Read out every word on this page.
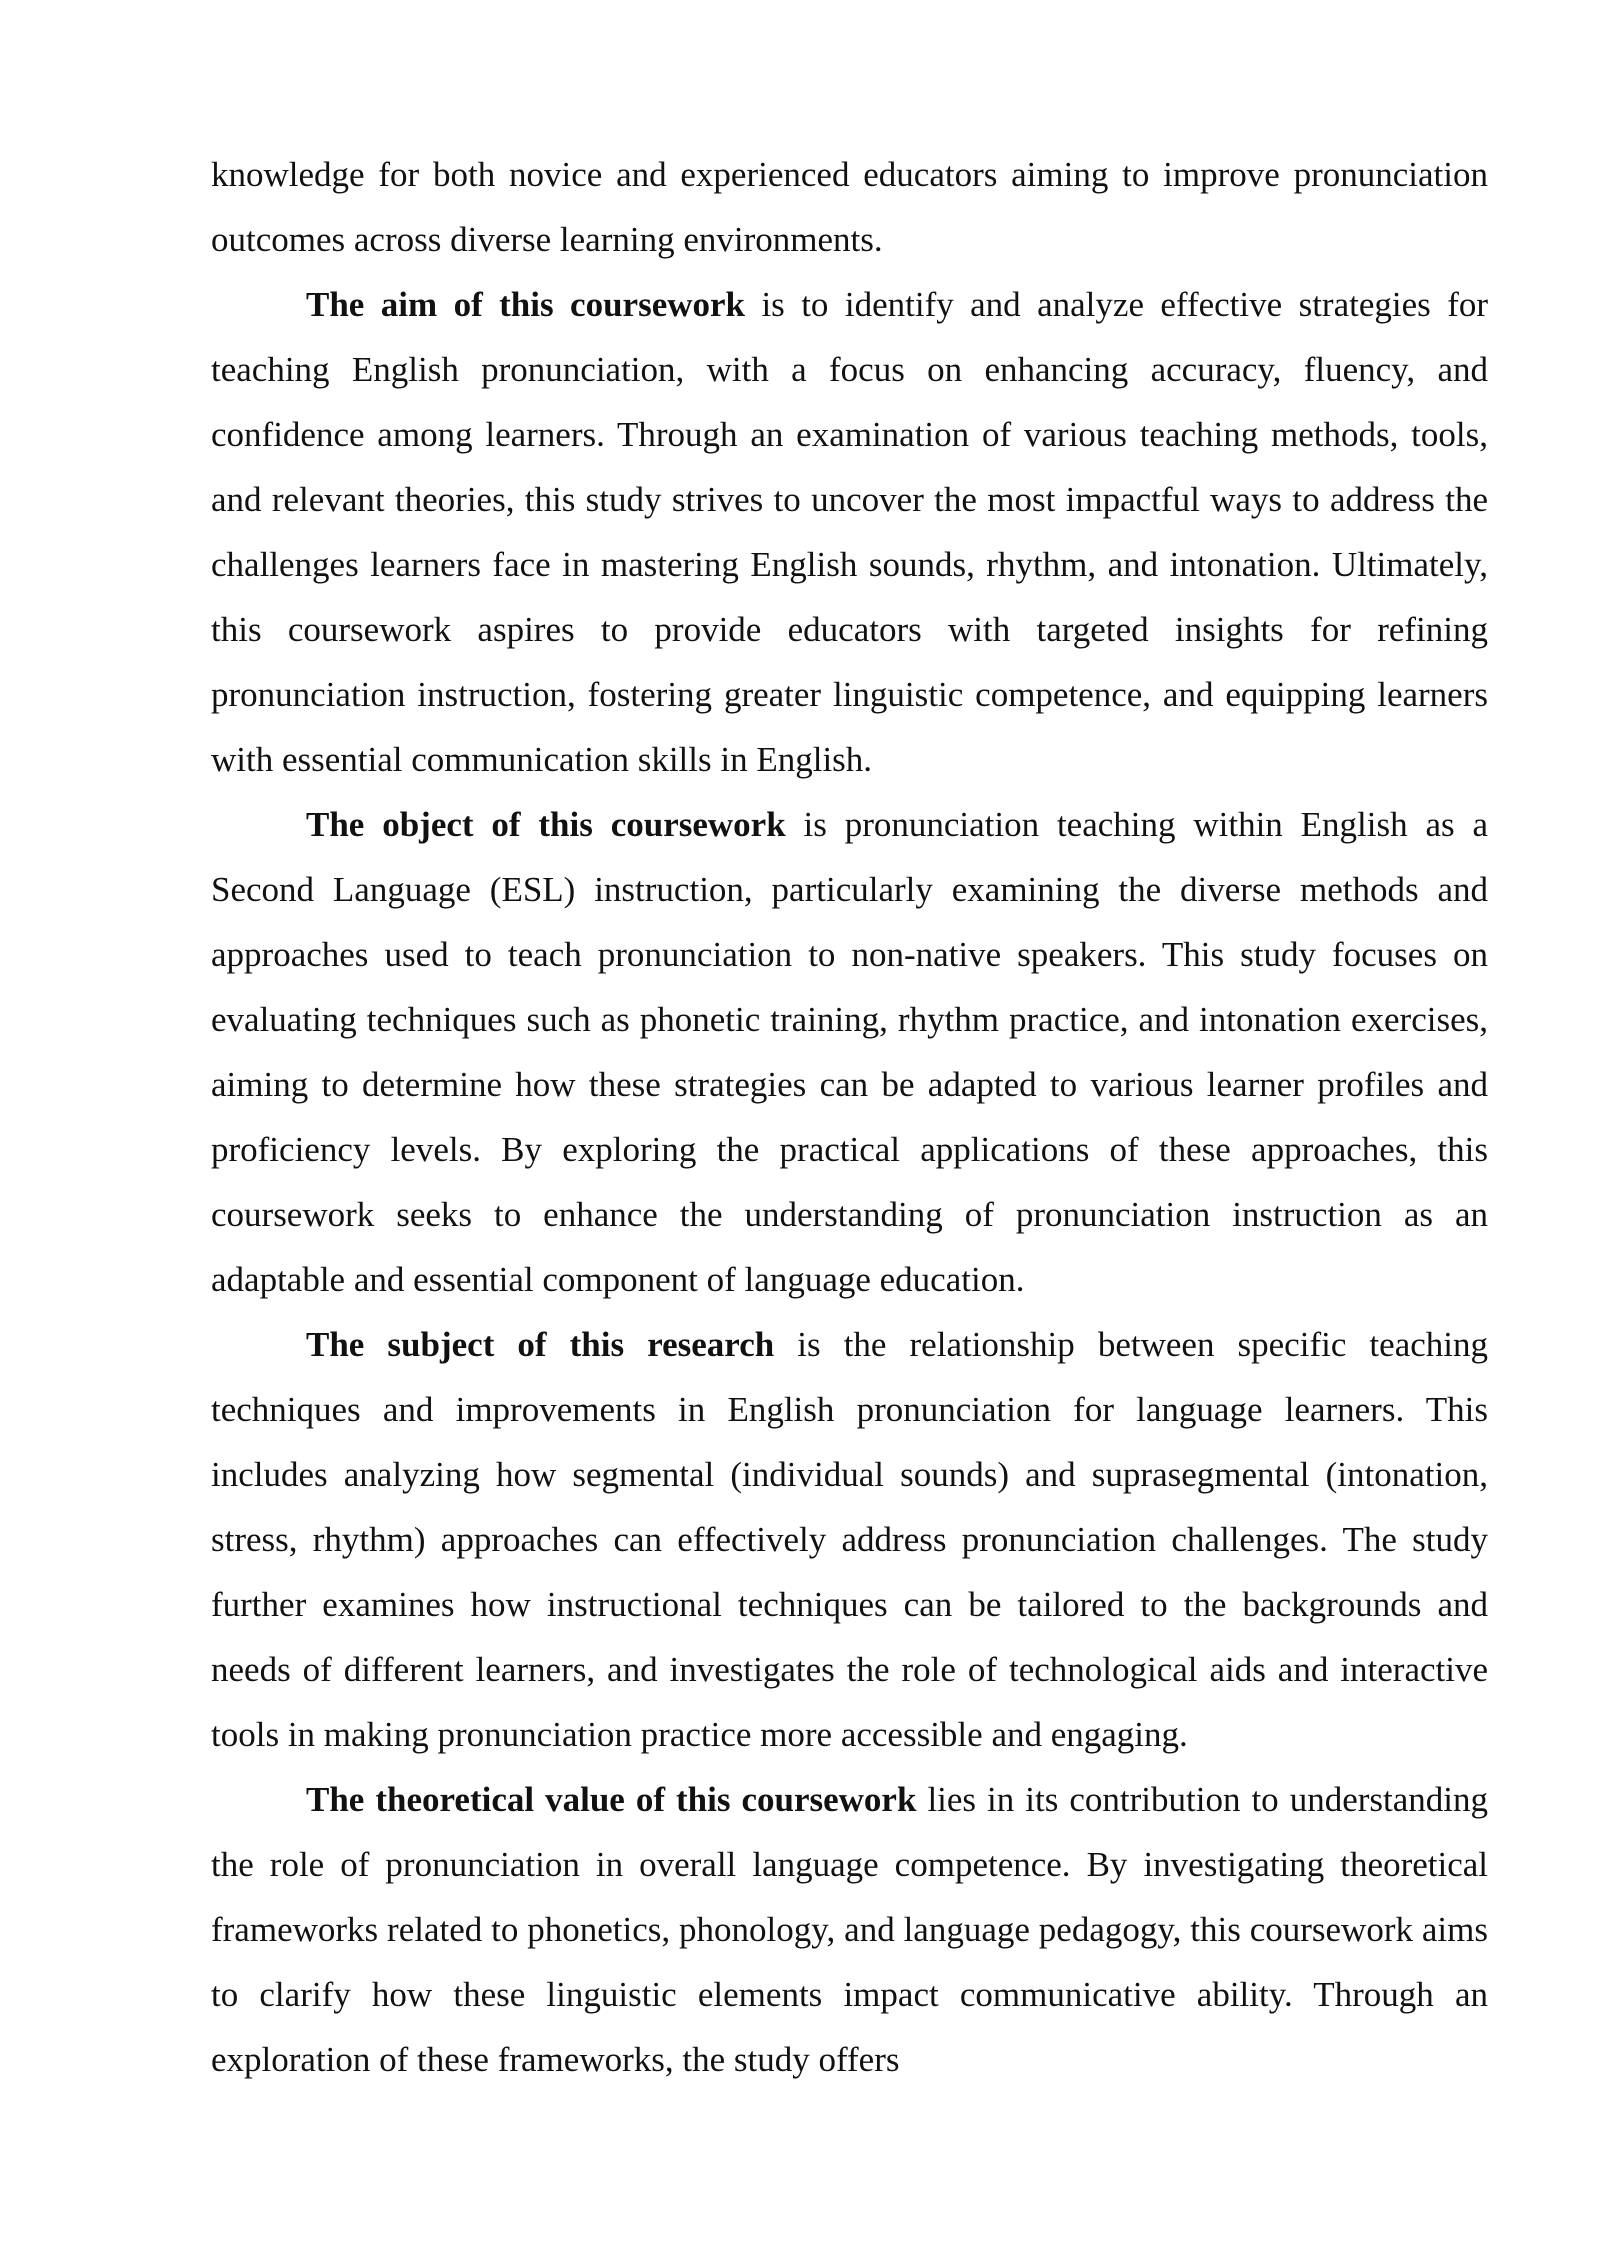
knowledge for both novice and experienced educators aiming to improve pronunciation outcomes across diverse learning environments.

The aim of this coursework is to identify and analyze effective strategies for teaching English pronunciation, with a focus on enhancing accuracy, fluency, and confidence among learners. Through an examination of various teaching methods, tools, and relevant theories, this study strives to uncover the most impactful ways to address the challenges learners face in mastering English sounds, rhythm, and intonation. Ultimately, this coursework aspires to provide educators with targeted insights for refining pronunciation instruction, fostering greater linguistic competence, and equipping learners with essential communication skills in English.

The object of this coursework is pronunciation teaching within English as a Second Language (ESL) instruction, particularly examining the diverse methods and approaches used to teach pronunciation to non-native speakers. This study focuses on evaluating techniques such as phonetic training, rhythm practice, and intonation exercises, aiming to determine how these strategies can be adapted to various learner profiles and proficiency levels. By exploring the practical applications of these approaches, this coursework seeks to enhance the understanding of pronunciation instruction as an adaptable and essential component of language education.

The subject of this research is the relationship between specific teaching techniques and improvements in English pronunciation for language learners. This includes analyzing how segmental (individual sounds) and suprasegmental (intonation, stress, rhythm) approaches can effectively address pronunciation challenges. The study further examines how instructional techniques can be tailored to the backgrounds and needs of different learners, and investigates the role of technological aids and interactive tools in making pronunciation practice more accessible and engaging.

The theoretical value of this coursework lies in its contribution to understanding the role of pronunciation in overall language competence. By investigating theoretical frameworks related to phonetics, phonology, and language pedagogy, this coursework aims to clarify how these linguistic elements impact communicative ability. Through an exploration of these frameworks, the study offers
